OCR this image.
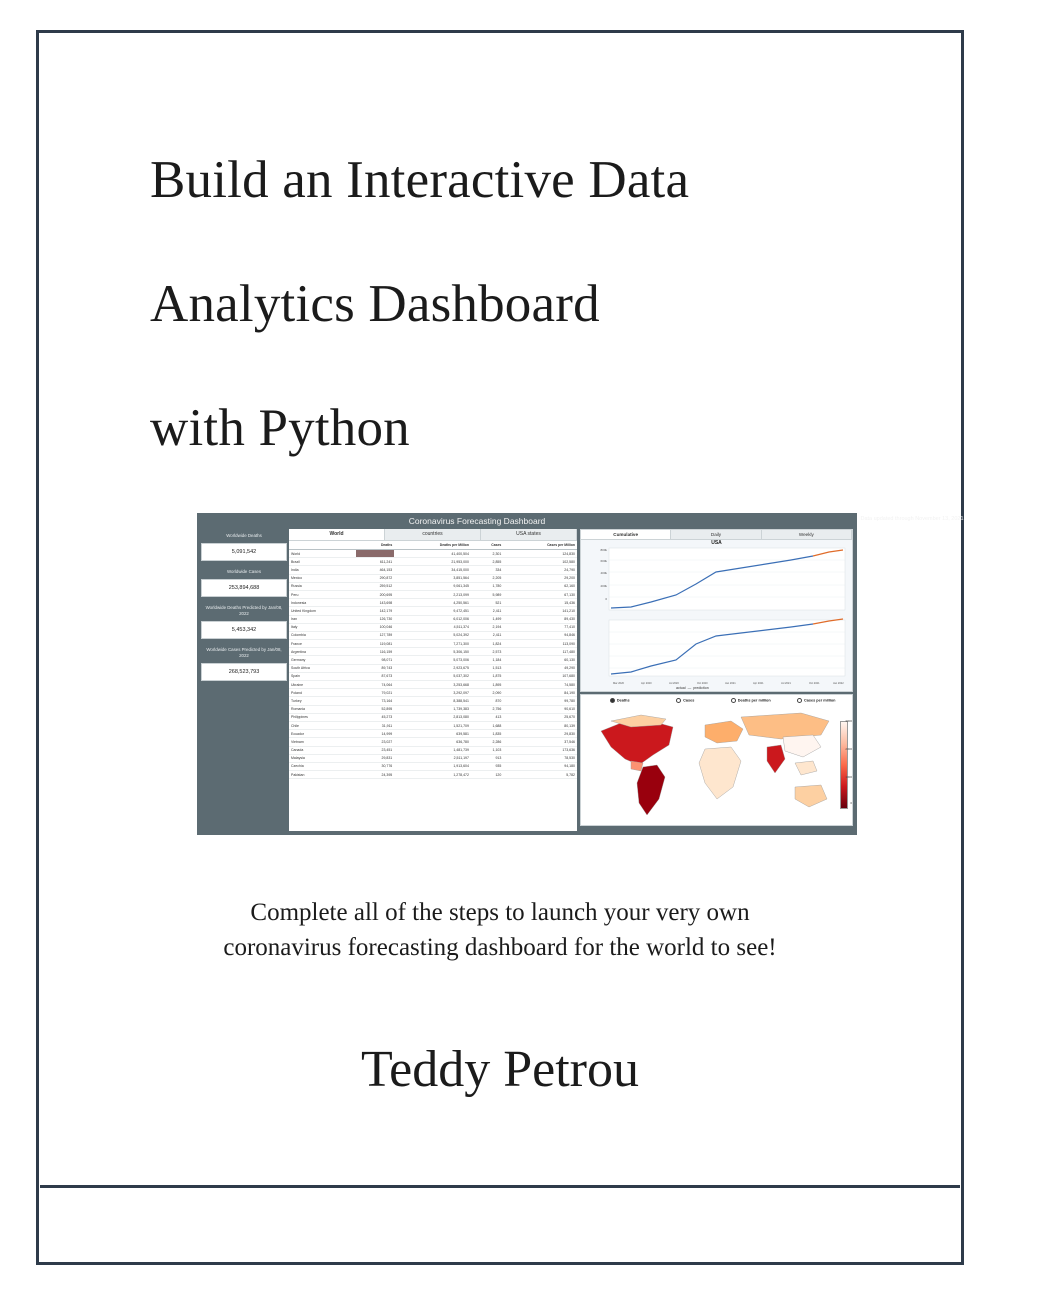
Build an Interactive Data
Analytics Dashboard
with Python
Coronavirus Forecasting Dashboard	Data updated through November 13, 2021
Worldwide Deaths
5,091,542
Worldwide Cases
253,894,688
Worldwide Deaths Predicted by Jan/08, 2022
5,453,342
Worldwide Cases Predicted by Jan/08, 2022
268,523,793
World	countries	USA states
	Deaths	Deaths per Million	Cases	Cases per Million
World	762,975	41,400,504	2,301	124,830
Brazil	611,241	21,953,000	2,855	102,580
India	464,153	34,415,000	334	24,790
Mexico	290,872	3,851,564	2,205	29,200
Russia	259,512	9,061,345	1,780	62,160
Peru	200,695	2,213,099	5,989	67,130
Indonesia	143,698	4,250,561	521	15,436
United Kingdom	142,179	9,472,451	2,411	141,210
Iran	126,730	6,012,006	1,499	89,430
Italy	100,046	4,511,374	2,194	77,410
Colombia	127,789	5,024,392	2,411	94,846
France	119,081	7,271,300	1,824	113,090
Argentina	116,159	5,306,150	2,573	117,480
Germany	98,071	5,073,006	1,184	60,130
South Africa	89,743	2,923,675	1,513	49,290
Spain	87,673	5,037,302	1,875	107,680
Ukraine	74,064	3,253,668	1,895	74,580
Poland	79,021	3,292,097	2,090	84,190
Turkey	73,164	8,388,541	870	99,780
Romania	52,895	1,739,383	2,756	90,610
Philippines	45,273	2,813,080	413	25,670
Chile	31,911	1,521,709	1,688	80,139
Ecuador	14,999	639,581	1,835	29,830
Vietnam	23,027	636,780	2,286	37,546
Canada	23,451	1,481,739	1,103	173,636
Malaysia	29,831	2,511,197	913	78,530
Czechia	30,776	1,913,604	935	94,180
Pakistan	24,395	1,278,472	120	5,782
Cumulative	Daily	Weekly
USA
800k
600k
400k
200k
0
Mar 2020	Apr 2020	Jul 2020	Oct 2020	Jan 2021	Apr 2021	Jul 2021	Oct 2021	Jan 2022
actual  —  prediction
Deaths	Cases	Deaths per million	Cases per million
3000
2000
1000
0
Complete all of the steps to launch your very own
coronavirus forecasting dashboard for the world to see!
Teddy Petrou
